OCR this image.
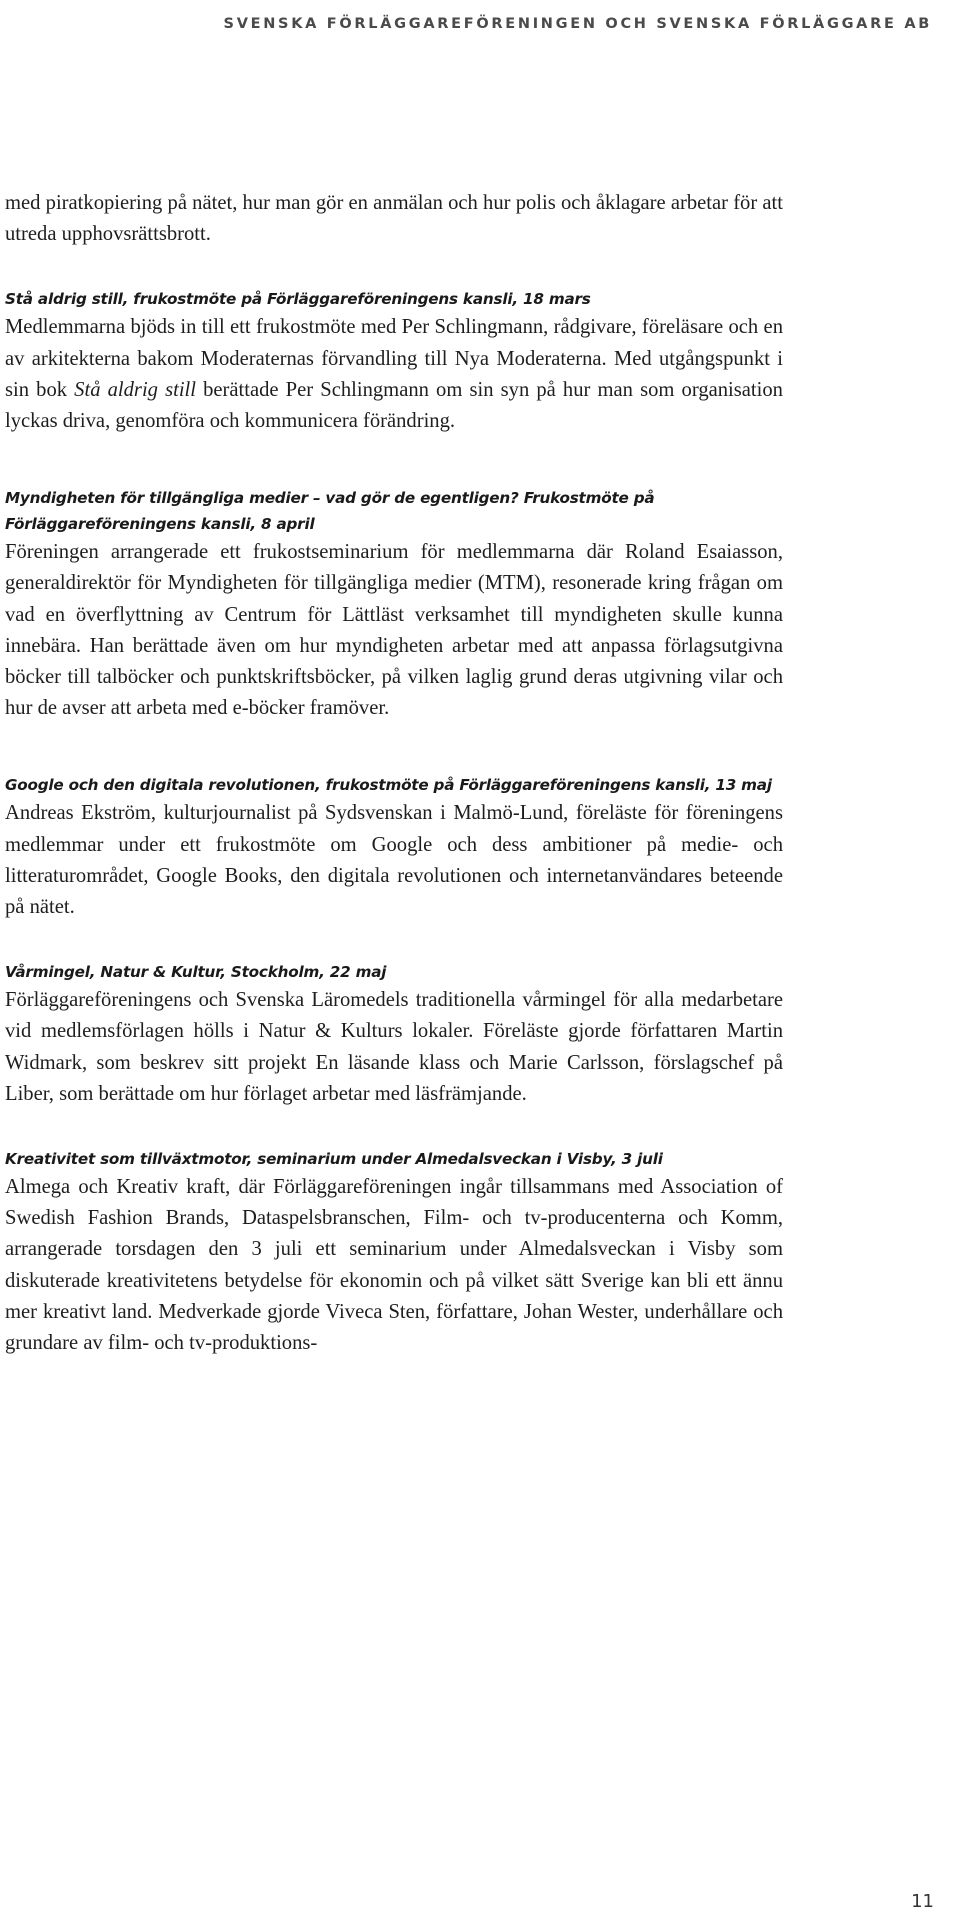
SVENSKA FÖRLÄGGAREFÖRENINGEN OCH SVENSKA FÖRLÄGGARE AB

med piratkopiering på nätet, hur man gör en anmälan och hur polis och åklagare arbetar för att utreda upphovsrättsbrott.

Stå aldrig still, frukostmöte på Förläggareföreningens kansli, 18 mars

Medlemmarna bjöds in till ett frukostmöte med Per Schlingmann, rådgivare, föreläsare och en av arkitekterna bakom Moderaternas förvandling till Nya Moderaterna. Med utgångspunkt i sin bok Stå aldrig still berättade Per Schlingmann om sin syn på hur man som organisation lyckas driva, genomföra och kommunicera förändring.

Myndigheten för tillgängliga medier – vad gör de egentligen? Frukostmöte på Förläggareföreningens kansli, 8 april

Föreningen arrangerade ett frukostseminarium för medlemmarna där Roland Esaiasson, generaldirektör för Myndigheten för tillgängliga medier (MTM), resonerade kring frågan om vad en överflyttning av Centrum för Lättläst verksamhet till myndigheten skulle kunna innebära. Han berättade även om hur myndigheten arbetar med att anpassa förlagsutgivna böcker till talböcker och punktskriftsböcker, på vilken laglig grund deras utgivning vilar och hur de avser att arbeta med e-böcker framöver.

Google och den digitala revolutionen, frukostmöte på Förläggareföreningens kansli, 13 maj

Andreas Ekström, kulturjournalist på Sydsvenskan i Malmö-Lund, föreläste för föreningens medlemmar under ett frukostmöte om Google och dess ambitioner på medie- och litteraturområdet, Google Books, den digitala revolutionen och internetanvändares beteende på nätet.

Vårmingel, Natur & Kultur, Stockholm, 22 maj

Förläggareföreningens och Svenska Läromedels traditionella vårmingel för alla medarbetare vid medlemsförlagen hölls i Natur & Kulturs lokaler. Föreläste gjorde författaren Martin Widmark, som beskrev sitt projekt En läsande klass och Marie Carlsson, förslagschef på Liber, som berättade om hur förlaget arbetar med läsfrämjande.

Kreativitet som tillväxtmotor, seminarium under Almedalsveckan i Visby, 3 juli

Almega och Kreativ kraft, där Förläggareföreningen ingår tillsammans med Association of Swedish Fashion Brands, Dataspelsbranschen, Film- och tv-producenterna och Komm, arrangerade torsdagen den 3 juli ett seminarium under Almedalsveckan i Visby som diskuterade kreativitetens betydelse för ekonomin och på vilket sätt Sverige kan bli ett ännu mer kreativt land. Medverkade gjorde Viveca Sten, författare, Johan Wester, underhållare och grundare av film- och tv-produktions-

11
